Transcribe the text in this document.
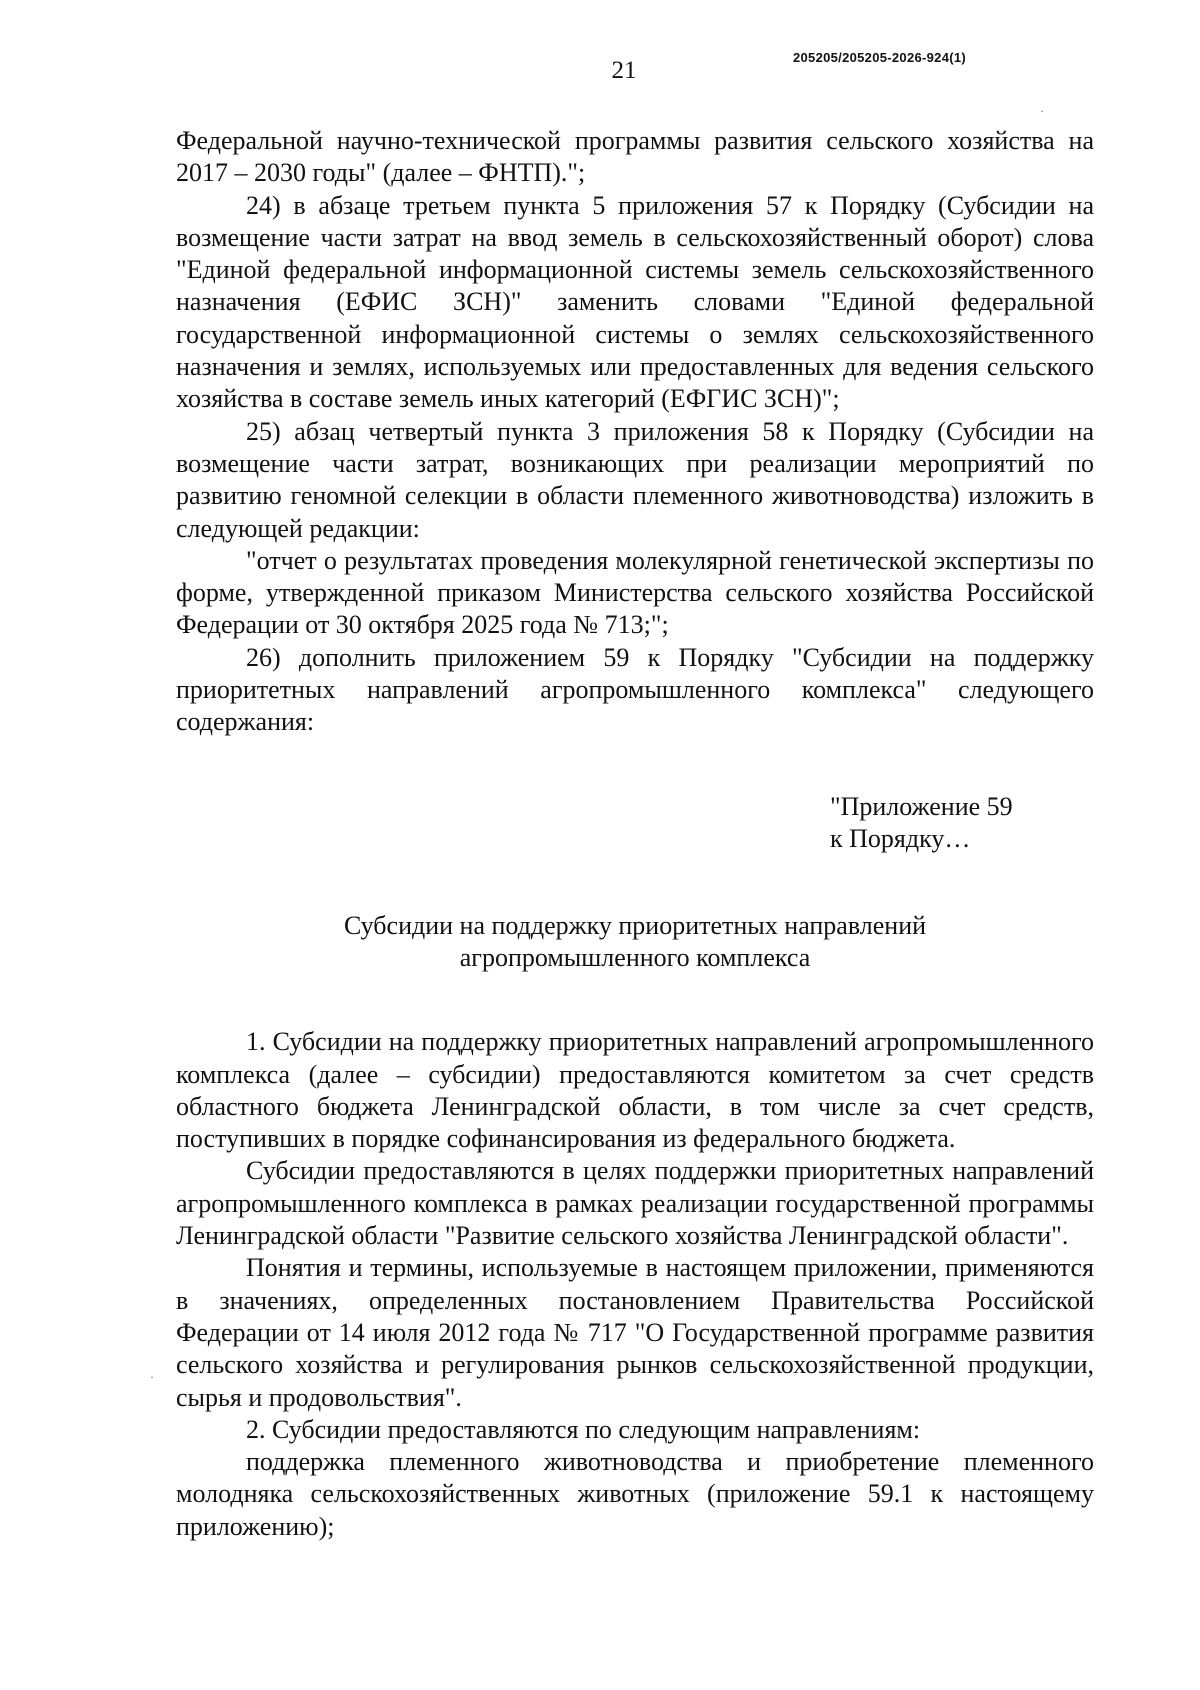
21	205205/205205-2026-924(1)

Федеральной научно-технической программы развития сельского хозяйства на 2017 – 2030 годы" (далее – ФНТП).";

24) в абзаце третьем пункта 5 приложения 57 к Порядку (Субсидии на возмещение части затрат на ввод земель в сельскохозяйственный оборот) слова "Единой федеральной информационной системы земель сельскохозяйственного назначения (ЕФИС ЗСН)" заменить словами "Единой федеральной государственной информационной системы о землях сельскохозяйственного назначения и землях, используемых или предоставленных для ведения сельского хозяйства в составе земель иных категорий (ЕФГИС ЗСН)";

25) абзац четвертый пункта 3 приложения 58 к Порядку (Субсидии на возмещение части затрат, возникающих при реализации мероприятий по развитию геномной селекции в области племенного животноводства) изложить в следующей редакции:

"отчет о результатах проведения молекулярной генетической экспертизы по форме, утвержденной приказом Министерства сельского хозяйства Российской Федерации от 30 октября 2025 года № 713;";

26) дополнить приложением 59 к Порядку "Субсидии на поддержку приоритетных направлений агропромышленного комплекса" следующего содержания:

"Приложение 59
к Порядку…
Субсидии на поддержку приоритетных направлений
агропромышленного комплекса

1. Субсидии на поддержку приоритетных направлений агропромышленного комплекса (далее – субсидии) предоставляются комитетом за счет средств областного бюджета Ленинградской области, в том числе за счет средств, поступивших в порядке софинансирования из федерального бюджета.

Субсидии предоставляются в целях поддержки приоритетных направлений агропромышленного комплекса в рамках реализации государственной программы Ленинградской области "Развитие сельского хозяйства Ленинградской области".

Понятия и термины, используемые в настоящем приложении, применяются в значениях, определенных постановлением Правительства Российской Федерации от 14 июля 2012 года № 717 "О Государственной программе развития сельского хозяйства и регулирования рынков сельскохозяйственной продукции, сырья и продовольствия".

2. Субсидии предоставляются по следующим направлениям:

поддержка племенного животноводства и приобретение племенного молодняка сельскохозяйственных животных (приложение 59.1 к настоящему приложению);

·
·
